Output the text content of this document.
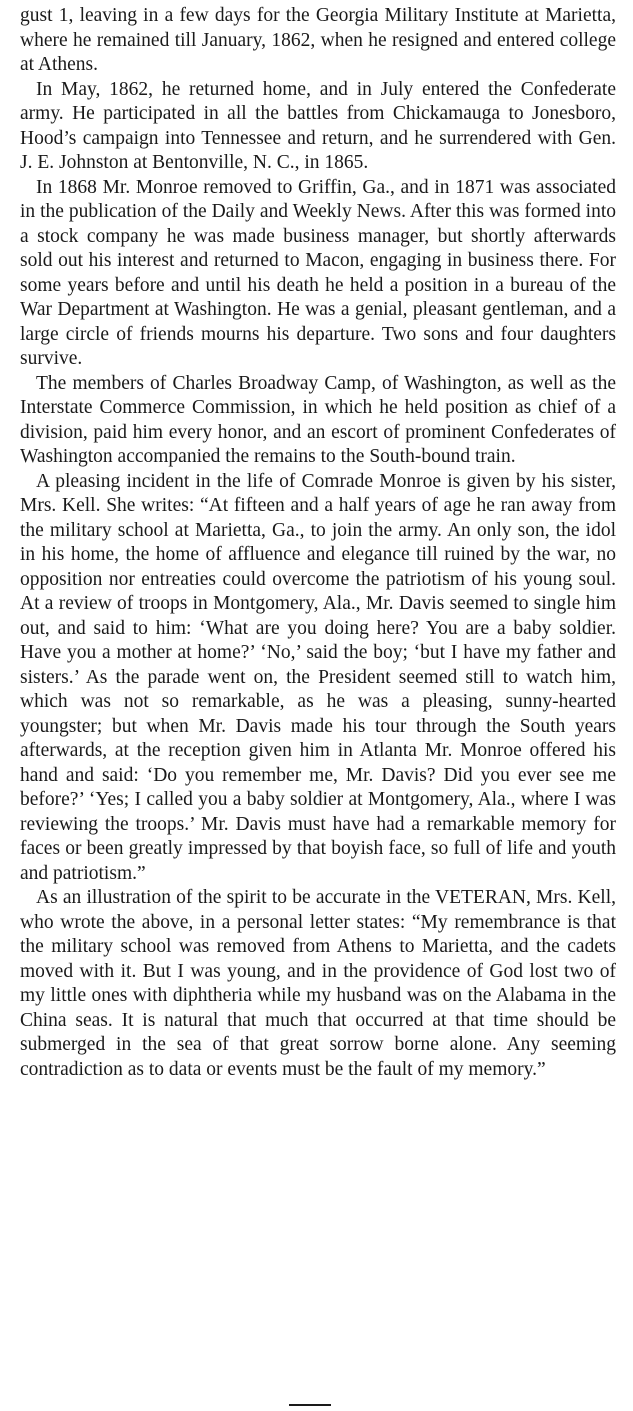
gust 1, leaving in a few days for the Georgia Military Institute at Marietta, where he remained till January, 1862, when he resigned and entered college at Athens.

In May, 1862, he returned home, and in July entered the Confederate army. He participated in all the battles from Chickamauga to Jonesboro, Hood’s campaign into Tennessee and return, and he surrendered with Gen. J. E. Johnston at Bentonville, N. C., in 1865.

In 1868 Mr. Monroe removed to Griffin, Ga., and in 1871 was associated in the publication of the Daily and Weekly News. After this was formed into a stock company he was made business manager, but shortly afterwards sold out his interest and returned to Macon, engaging in business there. For some years before and until his death he held a position in a bureau of the War Department at Washington. He was a genial, pleasant gentleman, and a large circle of friends mourns his departure. Two sons and four daughters survive.

The members of Charles Broadway Camp, of Washington, as well as the Interstate Commerce Commission, in which he held position as chief of a division, paid him every honor, and an escort of prominent Confederates of Washington accompanied the remains to the South-bound train.

A pleasing incident in the life of Comrade Monroe is given by his sister, Mrs. Kell. She writes: “At fifteen and a half years of age he ran away from the military school at Marietta, Ga., to join the army. An only son, the idol in his home, the home of affluence and elegance till ruined by the war, no opposition nor entreaties could overcome the patriotism of his young soul. At a review of troops in Montgomery, Ala., Mr. Davis seemed to single him out, and said to him: ‘What are you doing here? You are a baby soldier. Have you a mother at home?’ ‘No,’ said the boy; ‘but I have my father and sisters.’ As the parade went on, the President seemed still to watch him, which was not so remarkable, as he was a pleasing, sunny-hearted youngster; but when Mr. Davis made his tour through the South years afterwards, at the reception given him in Atlanta Mr. Monroe offered his hand and said: ‘Do you remember me, Mr. Davis? Did you ever see me before?’ ‘Yes; I called you a baby soldier at Montgomery, Ala., where I was reviewing the troops.’ Mr. Davis must have had a remarkable memory for faces or been greatly impressed by that boyish face, so full of life and youth and patriotism.”

As an illustration of the spirit to be accurate in the VETERAN, Mrs. Kell, who wrote the above, in a personal letter states: “My remembrance is that the military school was removed from Athens to Marietta, and the cadets moved with it. But I was young, and in the providence of God lost two of my little ones with diphtheria while my husband was on the Alabama in the China seas. It is natural that much that occurred at that time should be submerged in the sea of that great sorrow borne alone. Any seeming contradiction as to data or events must be the fault of my memory.”
